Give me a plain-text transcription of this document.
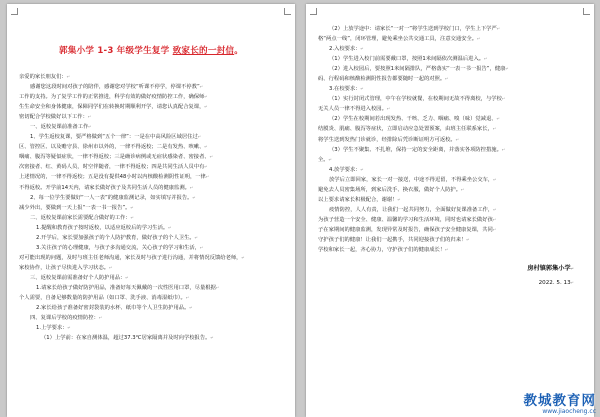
郭集小学 1-3 年级学生复学 致家长的一封信。

亲爱的家长朋友们：↵

感谢您这段时间对孩子的陪伴，感谢您对学校“听课不停学，停课不停教”↵

工作的支持。为了复学工作的正常推进，科学有效的做好疫情防控工作，确保师↵

生生命安全和身体健康，保障同学们在转换时期顺利开学，请您认真配合复课，↵

密切配合学校做好以下工作：↵

一、返校复课前准备工作↵

1、学生返校复课，要严格做到“五个一律”：一是在中高风险区域居住过↵

区、管控区、以及赡守县、徐州市以外的，一律不得返校；二是有发热、咳嗽、↵

咽痛、腹泻等疑似症状，一律不得返校；三是确诊病例或无症状感染者、密接者、↵

次密接者、红、黄码人员，时空伴随者，一律不得返校；四是共同生活人员中有↵

上述情况的，一律不得返校；五是没有提供48小时以内核酸检测阴性证明，一律↵

不得返校。开学前14天内，请家长做好孩子及共同生活人员的健康监测。↵

2、每一位学生要做好“一人一表”的健康监测记录，如实填写并报告。↵

减少外出，要做到一天上报“一表一书一报告”。↵

二、返校复课前家长需要配合做好的工作：↵

1.提醒和教育孩子按时返校，以适应返校后的学习生活。↵

2.开学后，家长要加强孩子的个人防护教育，做好孩子的个人卫生。↵

3.关注孩子的心理健康，与孩子多沟通交流，关心孩子的学习和生活，↵

对可能出现的问题，及时与班主任老师沟通，家长及时与孩子进行沟通，并将情况反馈给老师，↵

家校协作，让孩子尽快进入学习状态。↵

三、返校复课前需准备好个人防护用品：↵

1.请家长给孩子做好防护用品，准备好每天佩戴的一次性医用口罩，尽量根据↵

个人需要，自备足够数量的防护用品（如口罩、洗手液、消毒湿纸巾）。↵

2.家长给孩子准备好密封袋装的水杯、纸巾等个人卫生防护用品。↵

四、复课后学校的疫情防控：↵

1.上学要求：↵

（1）上学前：在家自测体温，超过37.3℃居家隔离并及时向学校报告。↵

（2）上放学途中：请家长“一对一”将学生送到学校门口，学生上下学严↵

格“两点一线”，闭环管理，避免乘坐公共交通工具，注意交通安全。↵

2.入校要求：↵

（1）学生进入校门前需要戴口罩，按照1米间隔依次测温后进入。↵

（2）进入校园后，要按照1米间隔排队，严格落实“一表一书一报告”，健康↵

码、行程码和核酸检测阴性报告都要随时一起的对照。↵

3.在校要求：↵

（1）实行封闭式管理，中午在学校就餐，在校期间无故不得离校，与学校↵

无关人员一律不得进入校园。↵

（2）学生在校期间若出现发热、干咳、乏力、咽痛、嗅（味）觉减退、↵

结膜炎、肌痛、腹泻等症状，立即启动应急处置预案，由班主任联系家长，↵

将学生送到发热门诊就诊，经排除后凭诊断证明方可返校。↵

（3）学生不聚集、不扎堆，保持一定的安全距离，并落实各项防控措施。↵

全。↵

4.放学要求：↵

放学后立即回家，家长一对一接送，中途不得逗留，不得乘坐公交车，↵

避免去人员密集场所，到家后洗手、换衣服，做好个人防护。↵

以上要求请家长积极配合，谢谢！↵

疫情防控，人人有责，让我们一起共同努力，全面做好复课准备工作，↵

为孩子营造一个安全、健康、温馨的学习和生活环境，同时也请家长做好孩↵

子在家期间的健康监测，发现异常及时报告，确保孩子安全健康复课，共同↵

守护孩子们的健康！让我们一起携手，共同迎接孩子们的归来！↵

学校和家长一起，齐心协力，守护孩子们的健康成长！↵

房村镇郭集小学↵
2022. 5. 13↵
教城教育网
www.jiaocheng.cc
